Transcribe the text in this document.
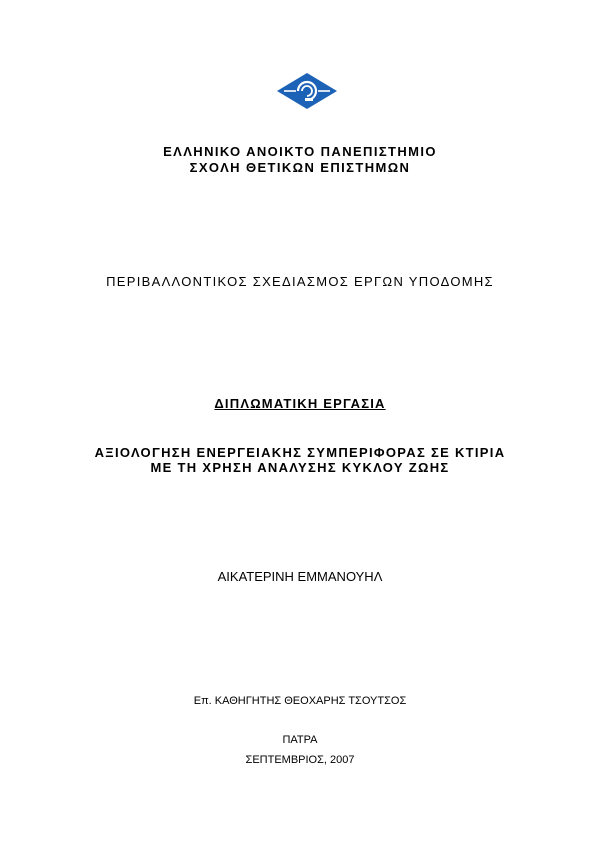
ΕΛΛΗΝΙΚΟ ΑΝΟΙΚΤΟ ΠΑΝΕΠΙΣΤΗΜΙΟ
ΣΧΟΛΗ ΘΕΤΙΚΩΝ ΕΠΙΣΤΗΜΩΝ
ΠΕΡΙΒΑΛΛΟΝΤΙΚΟΣ ΣΧΕΔΙΑΣΜΟΣ ΕΡΓΩΝ ΥΠΟΔΟΜΗΣ
ΔΙΠΛΩΜΑΤΙΚΗ ΕΡΓΑΣΙΑ
ΑΞΙΟΛΟΓΗΣΗ ΕΝΕΡΓΕΙΑΚΗΣ ΣΥΜΠΕΡΙΦΟΡΑΣ ΣΕ ΚΤΙΡΙΑ
ΜΕ ΤΗ ΧΡΗΣΗ ΑΝΑΛΥΣΗΣ ΚΥΚΛΟΥ ΖΩΗΣ
ΑΙΚΑΤΕΡΙΝΗ ΕΜΜΑΝΟΥΗΛ
Επ. ΚΑΘΗΓΗΤΗΣ ΘΕΟΧΑΡΗΣ ΤΣΟΥΤΣΟΣ
ΠΑΤΡΑ
ΣΕΠΤΕΜΒΡΙΟΣ, 2007
